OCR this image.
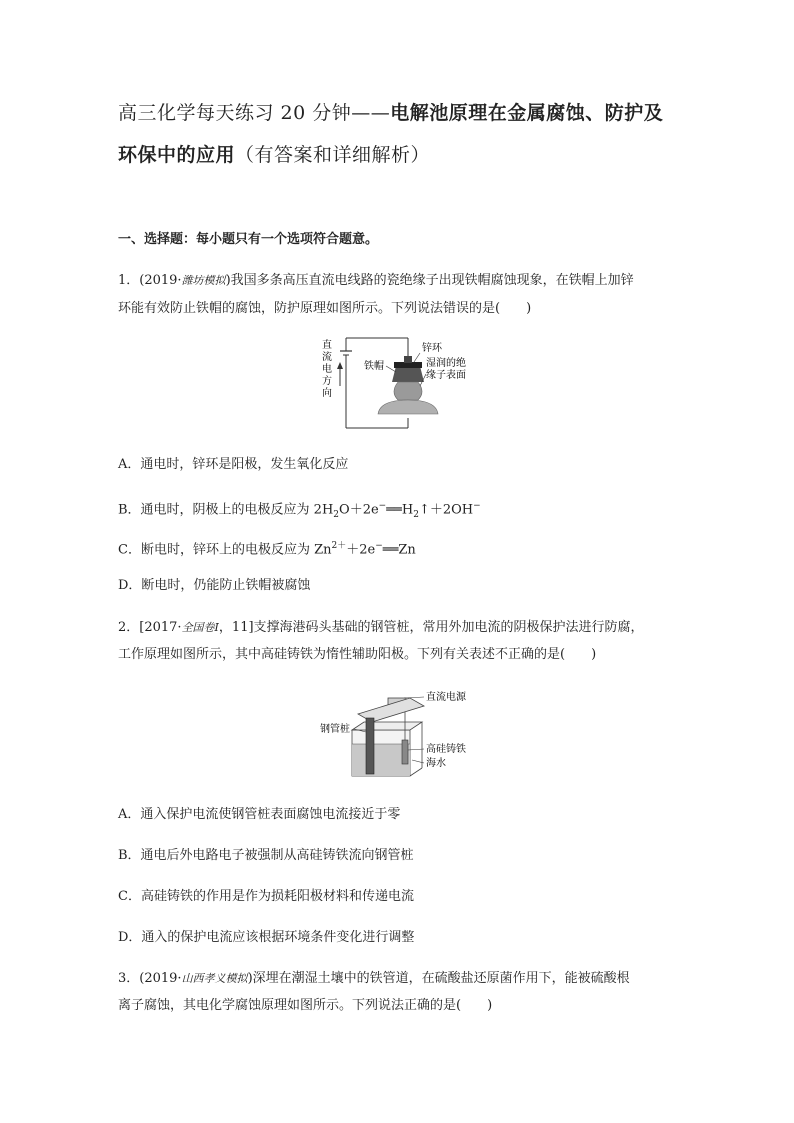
高三化学每天练习 20 分钟——电解池原理在金属腐蚀、防护及
环保中的应用（有答案和详细解析）
一、选择题：每小题只有一个选项符合题意。
1．(2019·潍坊模拟)我国多条高压直流电线路的瓷绝缘子出现铁帽腐蚀现象，在铁帽上加锌
环能有效防止铁帽的腐蚀，防护原理如图所示。下列说法错误的是(　　)
直
流
电
方
向
铁帽
锌环
湿润的绝
缘子表面
A．通电时，锌环是阳极，发生氧化反应
B．通电时，阴极上的电极反应为 $2H_2O+2e^-══H_2↑+2OH^-$
C．断电时，锌环上的电极反应为 $Zn^{2+}+2e^-══Zn$
D．断电时，仍能防止铁帽被腐蚀
2．[2017·全国卷Ⅰ，11]支撑海港码头基础的钢管桩，常用外加电流的阴极保护法进行防腐，
工作原理如图所示，其中高硅铸铁为惰性辅助阳极。下列有关表述不正确的是(　　)
直流电源
钢管桩
高硅铸铁
海水
A．通入保护电流使钢管桩表面腐蚀电流接近于零
B．通电后外电路电子被强制从高硅铸铁流向钢管桩
C．高硅铸铁的作用是作为损耗阳极材料和传递电流
D．通入的保护电流应该根据环境条件变化进行调整
3．(2019·山西孝义模拟)深埋在潮湿土壤中的铁管道，在硫酸盐还原菌作用下，能被硫酸根
离子腐蚀，其电化学腐蚀原理如图所示。下列说法正确的是(　　)
